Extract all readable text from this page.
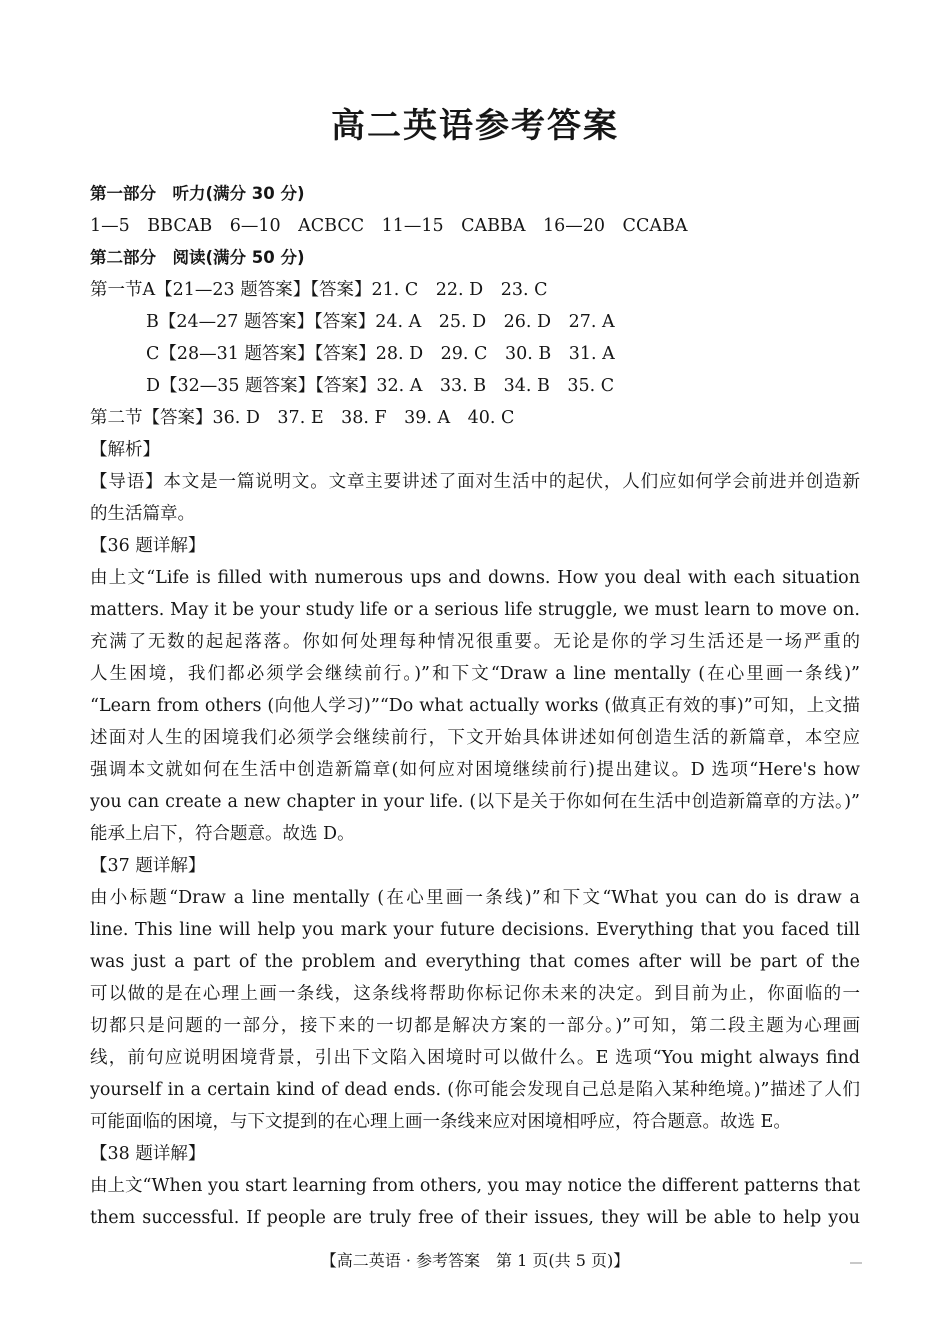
高二英语参考答案
第一部分　听力(满分 30 分)
1—5　BBCAB　6—10　ACBCC　11—15　CABBA　16—20　CCABA
第二部分　阅读(满分 50 分)
第一节A【21—23 题答案】【答案】21. C　22. D　23. C
B【24—27 题答案】【答案】24. A　25. D　26. D　27. A
C【28—31 题答案】【答案】28. D　29. C　30. B　31. A
D【32—35 题答案】【答案】32. A　33. B　34. B　35. C
第二节【答案】36. D　37. E　38. F　39. A　40. C
【解析】
【导语】本文是一篇说明文。文章主要讲述了面对生活中的起伏，人们应如何学会前进并创造新
的生活篇章。
【36 题详解】
由上文“Life is filled with numerous ups and downs. How you deal with each situation
matters. May it be your study life or a serious life struggle, we must learn to move on.
充满了无数的起起落落。你如何处理每种情况很重要。无论是你的学习生活还是一场严重的
人生困境，我们都必须学会继续前行。)”和下文“Draw a line mentally (在心里画一条线)”
“Learn from others (向他人学习)”“Do what actually works (做真正有效的事)”可知，上文描
述面对人生的困境我们必须学会继续前行，下文开始具体讲述如何创造生活的新篇章，本空应
强调本文就如何在生活中创造新篇章(如何应对困境继续前行)提出建议。D 选项“Here's how
you can create a new chapter in your life. (以下是关于你如何在生活中创造新篇章的方法。)”
能承上启下，符合题意。故选 D。
【37 题详解】
由小标题“Draw a line mentally (在心里画一条线)”和下文“What you can do is draw a
line. This line will help you mark your future decisions. Everything that you faced till
was just a part of the problem and everything that comes after will be part of the
可以做的是在心理上画一条线，这条线将帮助你标记你未来的决定。到目前为止，你面临的一
切都只是问题的一部分，接下来的一切都是解决方案的一部分。)”可知，第二段主题为心理画
线，前句应说明困境背景，引出下文陷入困境时可以做什么。E 选项“You might always find
yourself in a certain kind of dead ends. (你可能会发现自己总是陷入某种绝境。)”描述了人们
可能面临的困境，与下文提到的在心理上画一条线来应对困境相呼应，符合题意。故选 E。
【38 题详解】
由上文“When you start learning from others, you may notice the different patterns that
them successful. If people are truly free of their issues, they will be able to help you
【高二英语 · 参考答案　第 1 页(共 5 页)】
